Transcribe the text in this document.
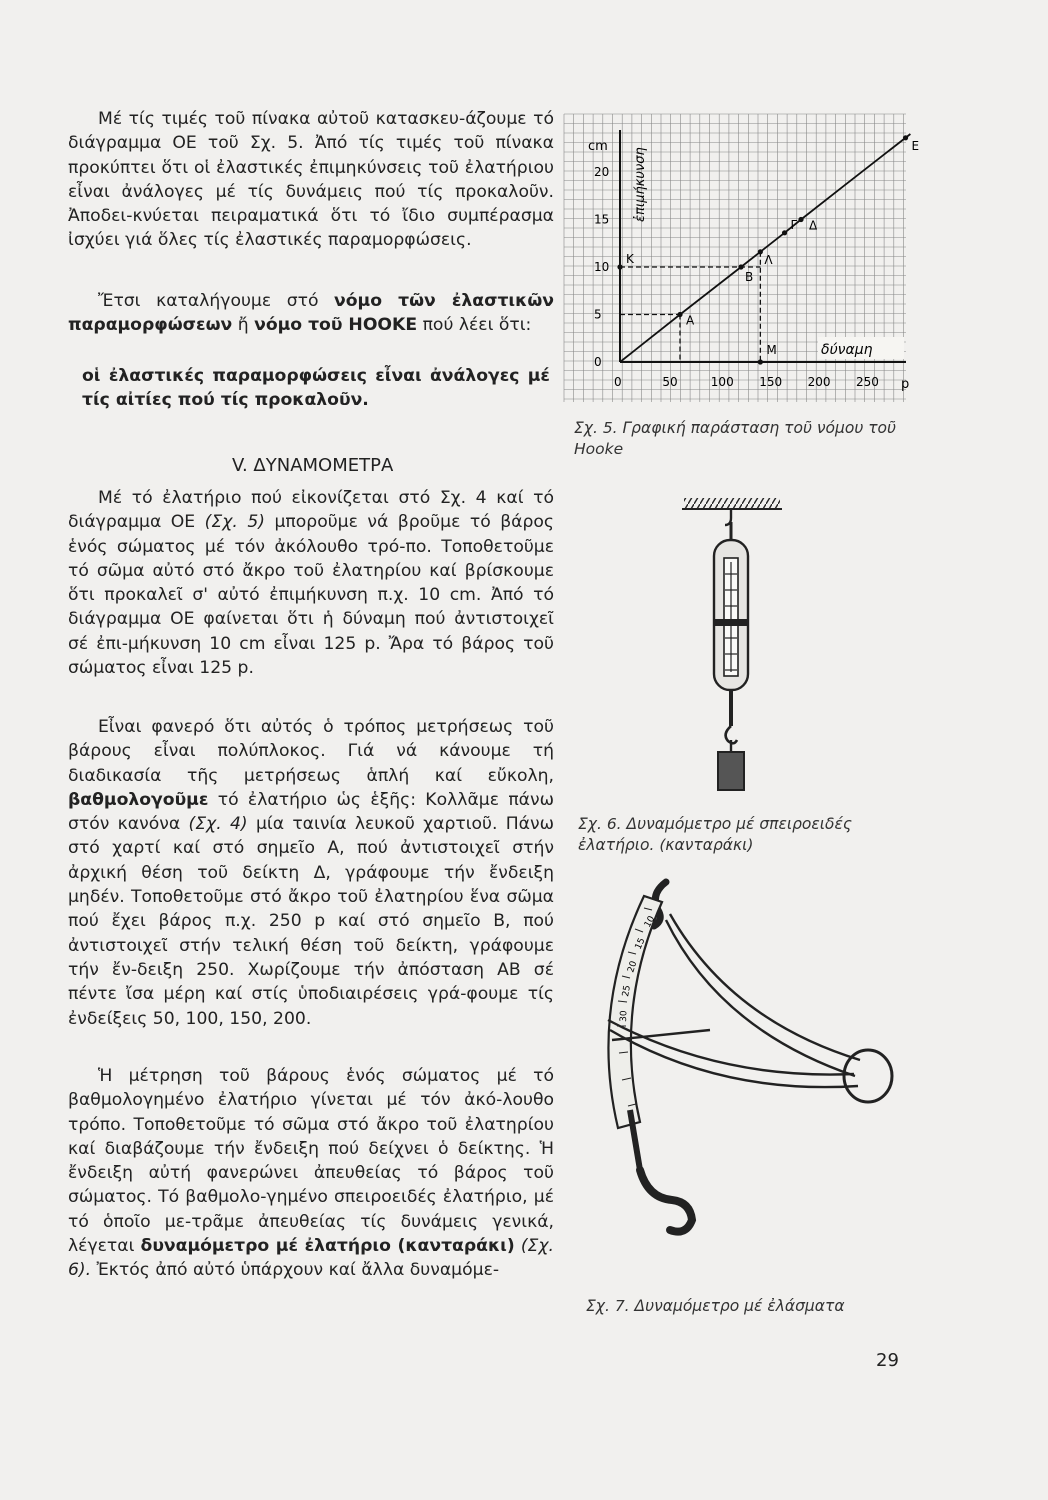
Μέ τίς τιμές τοῦ πίνακα αὐτοῦ κατασκευ-άζουμε τό διάγραμμα ΟΕ τοῦ Σχ. 5. Ἀπό τίς τιμές τοῦ πίνακα προκύπτει ὅτι οἱ ἐλαστικές ἐπιμηκύνσεις τοῦ ἐλατήριου εἶναι ἀνάλογες μέ τίς δυνάμεις πού τίς προκαλοῦν. Ἀποδει-κνύεται πειραματικά ὅτι τό ἴδιο συμπέρασμα ἰσχύει γιά ὅλες τίς ἐλαστικές παραμορφώσεις.

Ἔτσι καταλήγουμε στό νόμο τῶν ἐλαστικῶν παραμορφώσεων ἤ νόμο τοῦ HOOKE πού λέει ὅτι:

οἱ ἐλαστικές παραμορφώσεις εἶναι ἀνάλογες μέ τίς αἰτίες πού τίς προκαλοῦν.

V. ΔΥΝΑΜΟΜΕΤΡΑ

Μέ τό ἐλατήριο πού εἰκονίζεται στό Σχ. 4 καί τό διάγραμμα ΟΕ (Σχ. 5) μποροῦμε νά βροῦμε τό βάρος ἑνός σώματος μέ τόν ἀκόλουθο τρό-πο. Τοποθετοῦμε τό σῶμα αὐτό στό ἄκρο τοῦ ἐλατηρίου καί βρίσκουμε ὅτι προκαλεῖ σ' αὐτό ἐπιμήκυνση π.χ. 10 cm. Ἀπό τό διάγραμμα ΟΕ φαίνεται ὅτι ἡ δύναμη πού ἀντιστοιχεῖ σέ ἐπι-μήκυνση 10 cm εἶναι 125 p. Ἄρα τό βάρος τοῦ σώματος εἶναι 125 p.

Εἶναι φανερό ὅτι αὐτός ὁ τρόπος μετρήσεως τοῦ βάρους εἶναι πολύπλοκος. Γιά νά κάνουμε τή διαδικασία τῆς μετρήσεως ἁπλή καί εὔκολη, βαθμολογοῦμε τό ἐλατήριο ὡς ἑξῆς: Κολλᾶμε πάνω στόν κανόνα (Σχ. 4) μία ταινία λευκοῦ χαρτιοῦ. Πάνω στό χαρτί καί στό σημεῖο Α, πού ἀντιστοιχεῖ στήν ἀρχική θέση τοῦ δείκτη Δ, γράφουμε τήν ἔνδειξη μηδέν. Τοποθετοῦμε στό ἄκρο τοῦ ἐλατηρίου ἕνα σῶμα πού ἔχει βάρος π.χ. 250 p καί στό σημεῖο Β, πού ἀντιστοιχεῖ στήν τελική θέση τοῦ δείκτη, γράφουμε τήν ἔν-δειξη 250. Χωρίζουμε τήν ἀπόσταση ΑΒ σέ πέντε ἴσα μέρη καί στίς ὑποδιαιρέσεις γρά-φουμε τίς ἐνδείξεις 50, 100, 150, 200.

Ἡ μέτρηση τοῦ βάρους ἑνός σώματος μέ τό βαθμολογημένο ἐλατήριο γίνεται μέ τόν ἀκό-λουθο τρόπο. Τοποθετοῦμε τό σῶμα στό ἄκρο τοῦ ἐλατηρίου καί διαβάζουμε τήν ἔνδειξη πού δείχνει ὁ δείκτης. Ἡ ἔνδειξη αὐτή φανερώνει ἀπευθείας τό βάρος τοῦ σώματος. Τό βαθμολο-γημένο σπειροειδές ἐλατήριο, μέ τό ὁποῖο με-τρᾶμε ἀπευθείας τίς δυνάμεις γενικά, λέγεται δυναμόμετρο μέ ἐλατήριο (κανταράκι) (Σχ. 6). Ἐκτός ἀπό αὐτό ὑπάρχουν καί ἄλλα δυναμόμε-

0	50	100 150 200 250
0
5
10
15
20
Α
Β
Γ Δ
Ε
Κ	Λ
Μ
cm
p
ἐπιμήκυνση
δύναμη
Σχ. 5. Γραφική παράσταση τοῦ νόμου τοῦ Hooke
Σχ. 6. Δυναμόμετρο μέ σπειροειδές ἐλατήριο. (κανταράκι)
10
15
20
25
30
Σχ. 7. Δυναμόμετρο μέ ἐλάσματα
29
